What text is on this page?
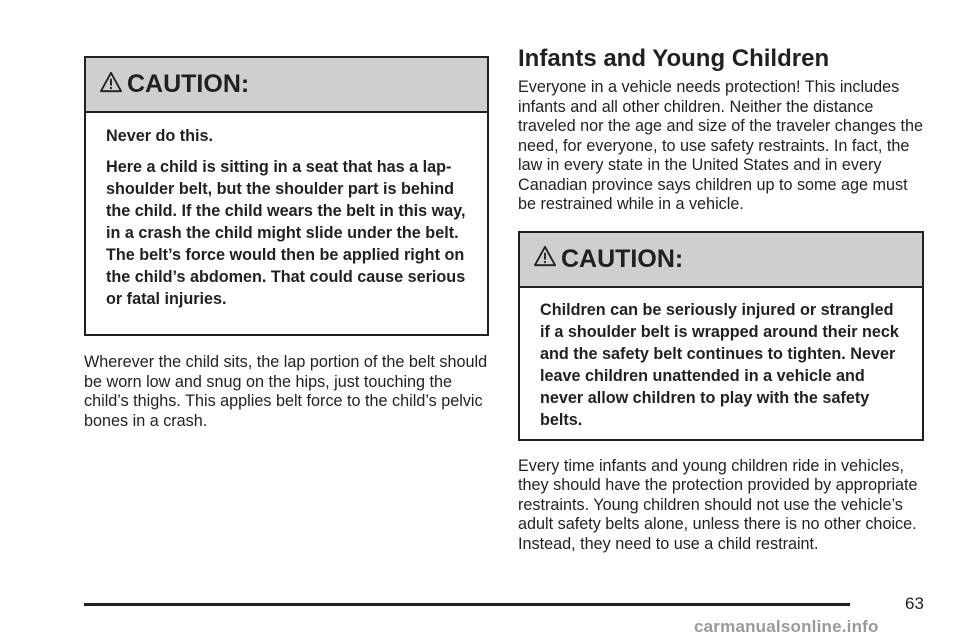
CAUTION:

Never do this.

Here a child is sitting in a seat that has a lap-shoulder belt, but the shoulder part is behind the child. If the child wears the belt in this way, in a crash the child might slide under the belt. The belt’s force would then be applied right on the child’s abdomen. That could cause serious or fatal injuries.

Wherever the child sits, the lap portion of the belt should be worn low and snug on the hips, just touching the child’s thighs. This applies belt force to the child’s pelvic bones in a crash.

Infants and Young Children

Everyone in a vehicle needs protection! This includes infants and all other children. Neither the distance traveled nor the age and size of the traveler changes the need, for everyone, to use safety restraints. In fact, the law in every state in the United States and in every Canadian province says children up to some age must be restrained while in a vehicle.

CAUTION:

Children can be seriously injured or strangled if a shoulder belt is wrapped around their neck and the safety belt continues to tighten. Never leave children unattended in a vehicle and never allow children to play with the safety belts.

Every time infants and young children ride in vehicles, they should have the protection provided by appropriate restraints. Young children should not use the vehicle’s adult safety belts alone, unless there is no other choice. Instead, they need to use a child restraint.

63
carmanualsonline.info
